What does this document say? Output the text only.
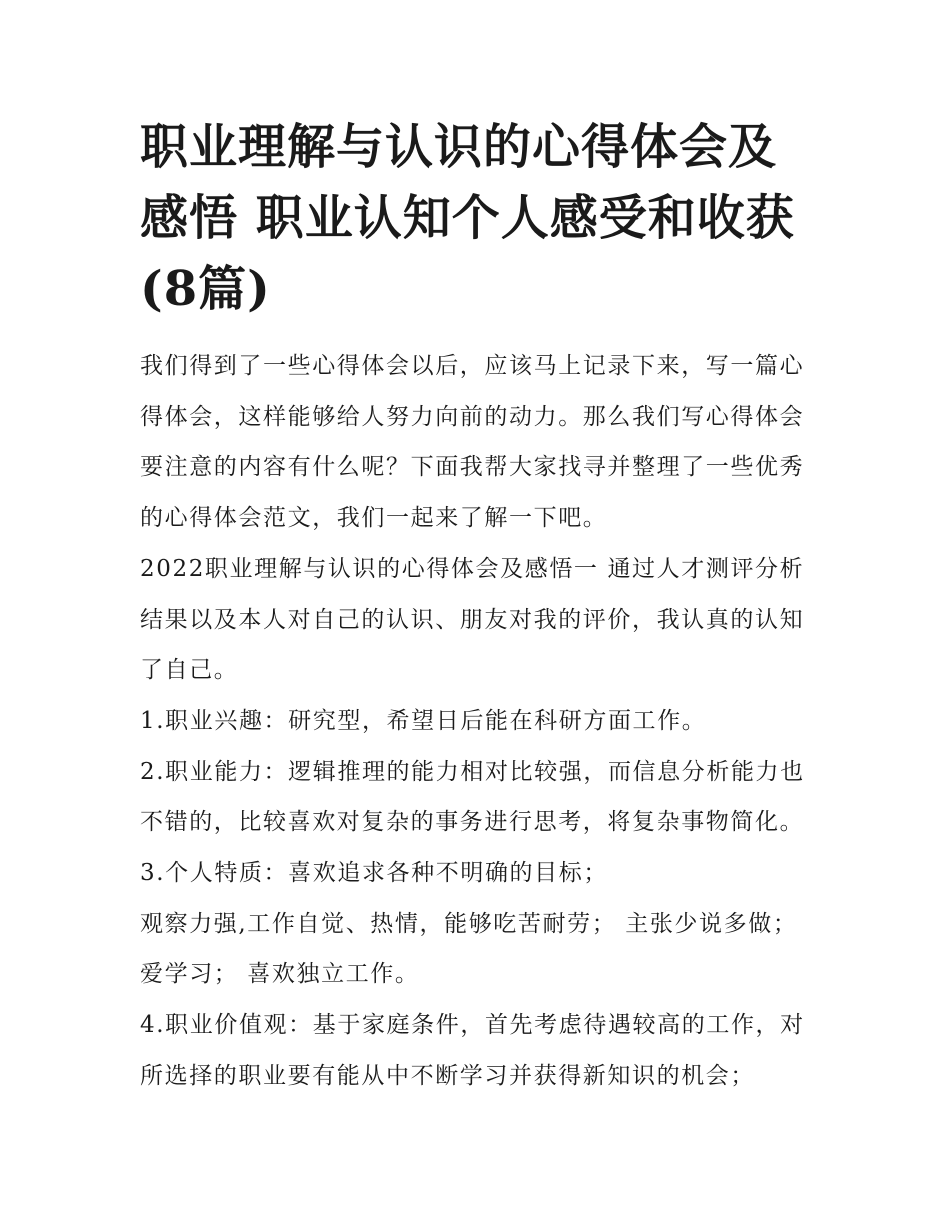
职业理解与认识的心得体会及感悟 职业认知个人感受和收获(8篇)

我们得到了一些心得体会以后，应该马上记录下来，写一篇心得体会，这样能够给人努力向前的动力。那么我们写心得体会要注意的内容有什么呢？下面我帮大家找寻并整理了一些优秀的心得体会范文，我们一起来了解一下吧。

2022职业理解与认识的心得体会及感悟一 通过人才测评分析结果以及本人对自己的认识、朋友对我的评价，我认真的认知了自己。

1.职业兴趣：研究型，希望日后能在科研方面工作。

2.职业能力：逻辑推理的能力相对比较强，而信息分析能力也不错的，比较喜欢对复杂的事务进行思考，将复杂事物简化。

3.个人特质：喜欢追求各种不明确的目标；

观察力强,工作自觉、热情，能够吃苦耐劳； 主张少说多做；爱学习； 喜欢独立工作。

4.职业价值观：基于家庭条件，首先考虑待遇较高的工作，对所选择的职业要有能从中不断学习并获得新知识的机会；
